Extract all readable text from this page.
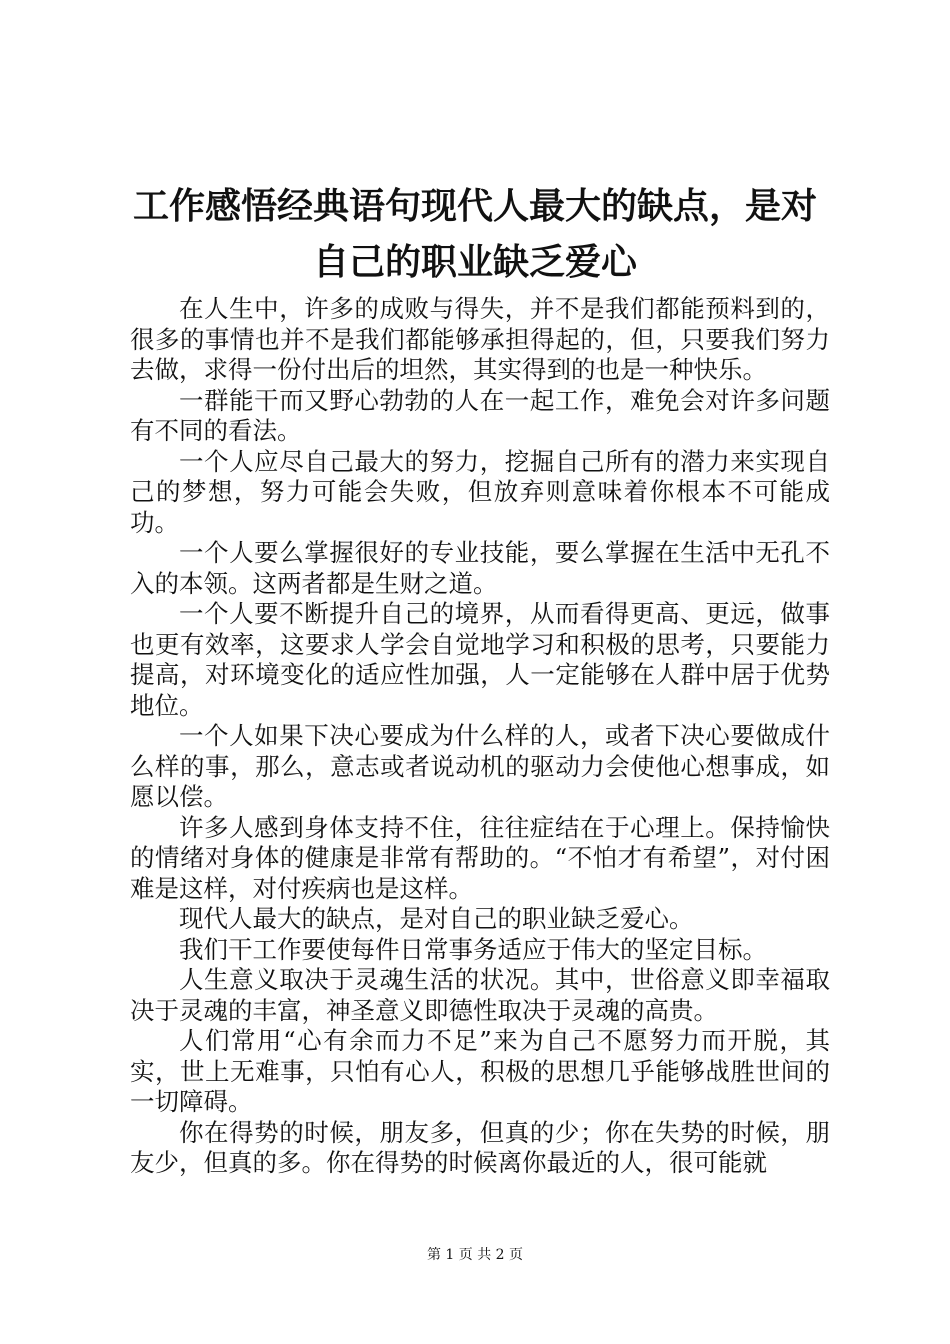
工作感悟经典语句现代人最大的缺点，是对自己的职业缺乏爱心

在人生中，许多的成败与得失，并不是我们都能预料到的，很多的事情也并不是我们都能够承担得起的，但，只要我们努力去做，求得一份付出后的坦然，其实得到的也是一种快乐。

一群能干而又野心勃勃的人在一起工作，难免会对许多问题有不同的看法。

一个人应尽自己最大的努力，挖掘自己所有的潜力来实现自己的梦想，努力可能会失败，但放弃则意味着你根本不可能成功。

一个人要么掌握很好的专业技能，要么掌握在生活中无孔不入的本领。这两者都是生财之道。

一个人要不断提升自己的境界，从而看得更高、更远，做事也更有效率，这要求人学会自觉地学习和积极的思考，只要能力提高，对环境变化的适应性加强，人一定能够在人群中居于优势地位。

一个人如果下决心要成为什么样的人，或者下决心要做成什么样的事，那么，意志或者说动机的驱动力会使他心想事成，如愿以偿。

许多人感到身体支持不住，往往症结在于心理上。保持愉快的情绪对身体的健康是非常有帮助的。“不怕才有希望”，对付困难是这样，对付疾病也是这样。

现代人最大的缺点，是对自己的职业缺乏爱心。

我们干工作要使每件日常事务适应于伟大的坚定目标。

人生意义取决于灵魂生活的状况。其中，世俗意义即幸福取决于灵魂的丰富，神圣意义即德性取决于灵魂的高贵。

人们常用“心有余而力不足”来为自己不愿努力而开脱，其实，世上无难事，只怕有心人，积极的思想几乎能够战胜世间的一切障碍。

你在得势的时候，朋友多，但真的少；你在失势的时候，朋友少，但真的多。你在得势的时候离你最近的人，很可能就

第 1 页 共 2 页
